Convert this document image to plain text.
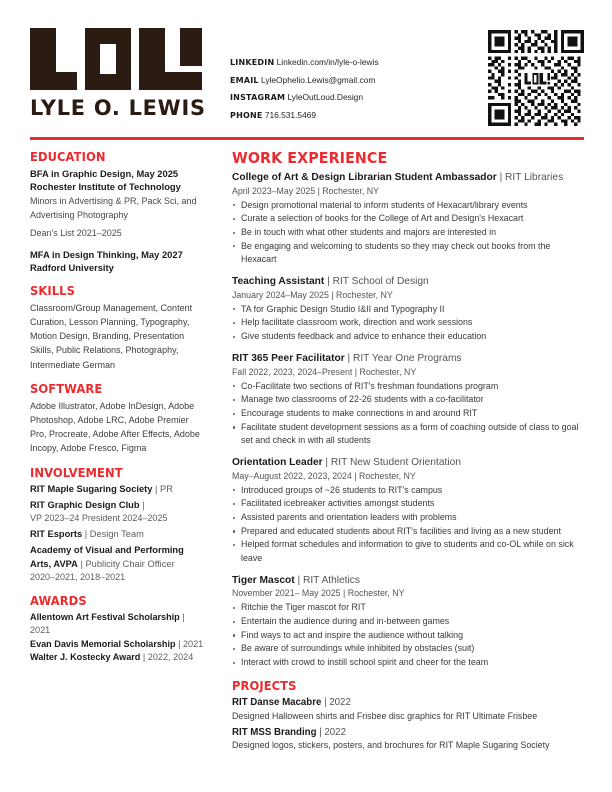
LYLE O. LEWIS
LINKEDIN Linkedin.com/in/lyle-o-lewis
EMAIL LyleOphelio.Lewis@gmail.com
INSTAGRAM LyleOutLoud.Design
PHONE 716.531.5469
EDUCATION
BFA in Graphic Design, May 2025
Rochester Institute of Technology
Minors in Advertising & PR, Pack Sci, and Advertising Photography
Dean's List 2021–2025
MFA in Design Thinking, May 2027
Radford University
SKILLS
Classroom/Group Management, Content Curation, Lesson Planning, Typography, Motion Design, Branding, Presentation Skills, Public Relations, Photography, Intermediate German
SOFTWARE
Adobe Illustrator, Adobe InDesign, Adobe Photoshop, Adobe LRC, Adobe Premier Pro, Procreate, Adobe After Effects, Adobe Incopy, Adobe Fresco, Figma
INVOLVEMENT
RIT Maple Sugaring Society | PR
RIT Graphic Design Club |
VP 2023–24 President 2024–2025
RIT Esports | Design Team
Academy of Visual and Performing Arts, AVPA | Publicity Chair Officer
2020–2021, 2018–2021
AWARDS
Allentown Art Festival Scholarship | 2021
Evan Davis Memorial Scholarship | 2021
Walter J. Kostecky Award | 2022, 2024
WORK EXPERIENCE
College of Art & Design Librarian Student Ambassador | RIT Libraries
April 2023–May 2025 | Rochester, NY
Design promotional material to inform students of Hexacart/library events
Curate a selection of books for the College of Art and Design's Hexacart
Be in touch with what other students and majors are interested in
Be engaging and welcoming to students so they may check out books from the Hexacart
Teaching Assistant | RIT School of Design
January 2024–May 2025 | Rochester, NY
TA for Graphic Design Studio I&II and Typography II
Help facilitate classroom work, direction and work sessions
Give students feedback and advice to enhance their education
RIT 365 Peer Facilitator | RIT Year One Programs
Fall 2022, 2023, 2024–Present | Rochester, NY
Co-Facilitate two sections of RIT's freshman foundations program
Manage two classrooms of 22-26 students with a co-facilitator
Encourage students to make connections in and around RIT
Facilitate student development sessions as a form of coaching outside of class to goal set and check in with all students
Orientation Leader | RIT New Student Orientation
May–August 2022, 2023, 2024 | Rochester, NY
Introduced groups of ~26 students to RIT's campus
Facilitated icebreaker activities amongst students
Assisted parents and orientation leaders with problems
Prepared and educated students about RIT's facilities and living as a new student
Helped format schedules and information to give to students and co-OL while on sick leave
Tiger Mascot | RIT Athletics
November 2021– May 2025 | Rochester, NY
Ritchie the Tiger mascot for RIT
Entertain the audience during and in-between games
Find ways to act and inspire the audience without talking
Be aware of surroundings while inhibited by obstacles (suit)
Interact with crowd to instill school spirit and cheer for the team
PROJECTS
RIT Danse Macabre | 2022
Designed Halloween shirts and Frisbee disc graphics for RIT Ultimate Frisbee
RIT MSS Branding | 2022
Designed logos, stickers, posters, and brochures for RIT Maple Sugaring Society
